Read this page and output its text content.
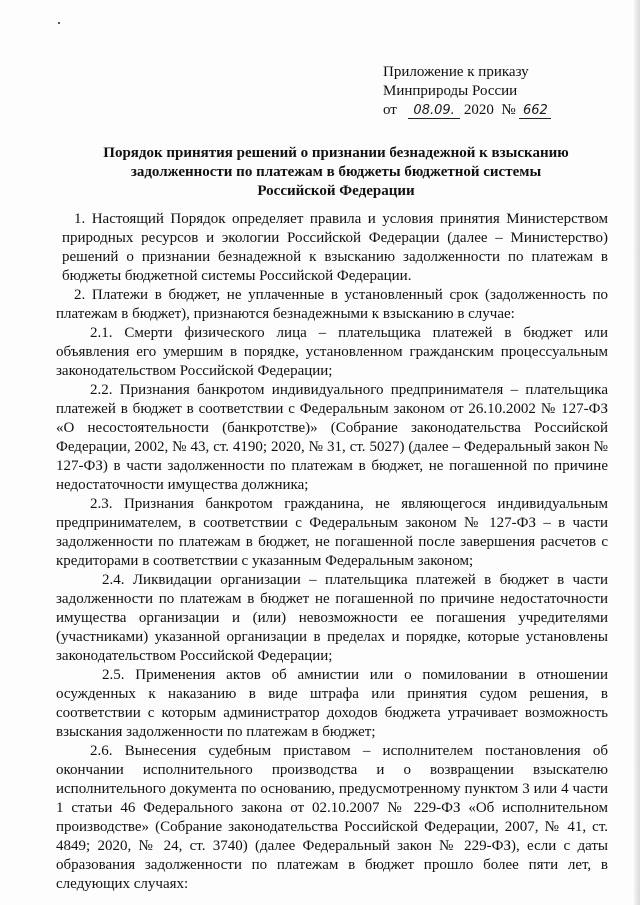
Приложение к приказу
Минприроды России
от 08.09. 2020 № 662
Порядок принятия решений о признании безнадежной к взысканию
задолженности по платежам в бюджеты бюджетной системы
Российской Федерации

1. Настоящий Порядок определяет правила и условия принятия Министерством природных ресурсов и экологии Российской Федерации (далее – Министерство) решений о признании безнадежной к взысканию задолженности по платежам в бюджеты бюджетной системы Российской Федерации.

2. Платежи в бюджет, не уплаченные в установленный срок (задолженность по платежам в бюджет), признаются безнадежными к взысканию в случае:

2.1. Смерти физического лица – плательщика платежей в бюджет или объявления его умершим в порядке, установленном гражданским процессуальным законодательством Российской Федерации;

2.2. Признания банкротом индивидуального предпринимателя – плательщика платежей в бюджет в соответствии с Федеральным законом от 26.10.2002 № 127-ФЗ «О несостоятельности (банкротстве)» (Собрание законодательства Российской Федерации, 2002, № 43, ст. 4190; 2020, № 31, ст. 5027) (далее – Федеральный закон № 127-ФЗ) в части задолженности по платежам в бюджет, не погашенной по причине недостаточности имущества должника;

2.3. Признания банкротом гражданина, не являющегося индивидуальным предпринимателем, в соответствии с Федеральным законом № 127-ФЗ – в части задолженности по платежам в бюджет, не погашенной после завершения расчетов с кредиторами в соответствии с указанным Федеральным законом;

2.4. Ликвидации организации – плательщика платежей в бюджет в части задолженности по платежам в бюджет не погашенной по причине недостаточности имущества организации и (или) невозможности ее погашения учредителями (участниками) указанной организации в пределах и порядке, которые установлены законодательством Российской Федерации;

2.5. Применения актов об амнистии или о помиловании в отношении осужденных к наказанию в виде штрафа или принятия судом решения, в соответствии с которым администратор доходов бюджета утрачивает возможность взыскания задолженности по платежам в бюджет;

2.6. Вынесения судебным приставом – исполнителем постановления об окончании исполнительного производства и о возвращении взыскателю исполнительного документа по основанию, предусмотренному пунктом 3 или 4 части 1 статьи 46 Федерального закона от 02.10.2007 № 229-ФЗ «Об исполнительном производстве» (Собрание законодательства Российской Федерации, 2007, № 41, ст. 4849; 2020, № 24, ст. 3740) (далее Федеральный закон № 229-ФЗ), если с даты образования задолженности по платежам в бюджет прошло более пяти лет, в следующих случаях:
